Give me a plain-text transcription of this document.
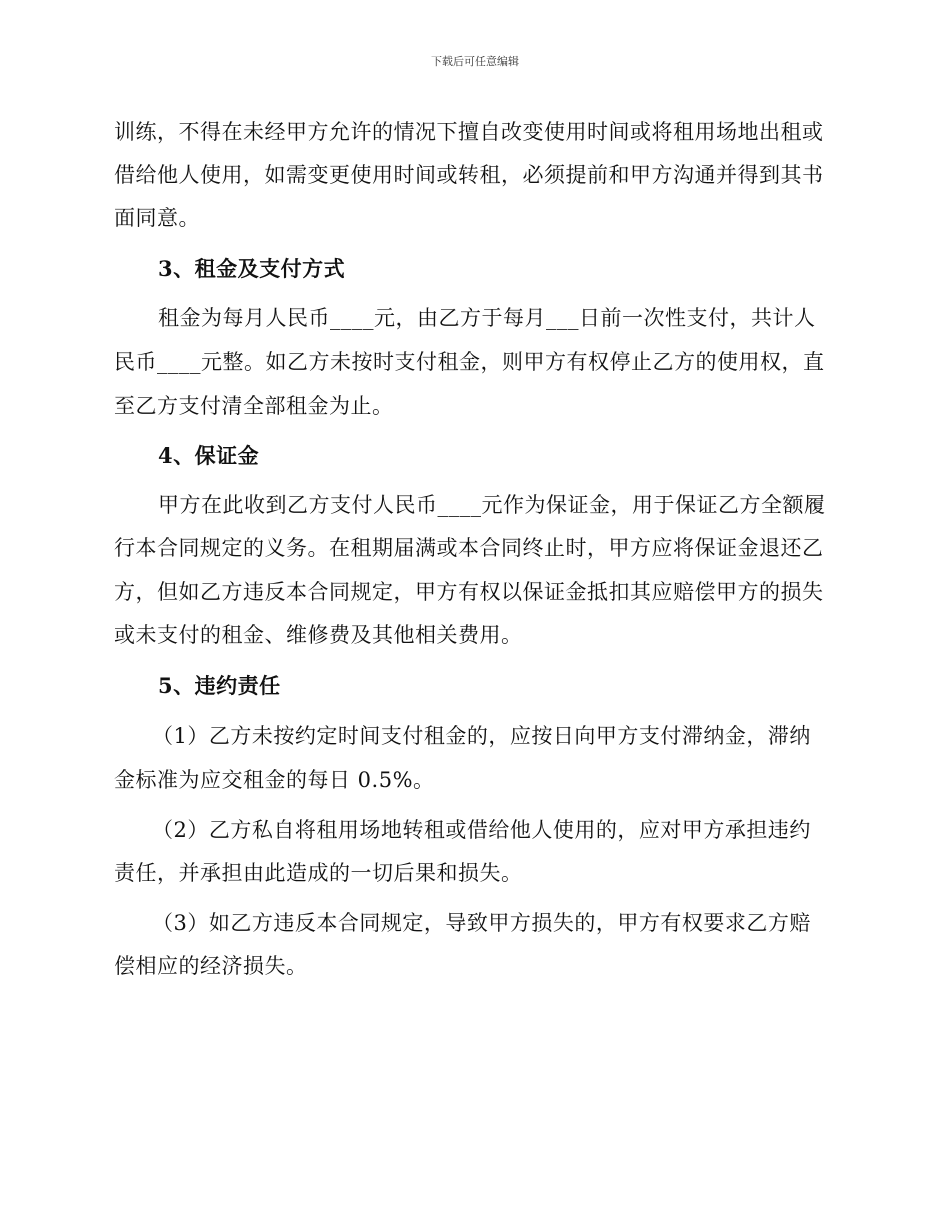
下载后可任意编辑
训练，不得在未经甲方允许的情况下擅自改变使用时间或将租用场地出租或
借给他人使用，如需变更使用时间或转租，必须提前和甲方沟通并得到其书
面同意。
3、租金及支付方式
租金为每月人民币____元，由乙方于每月___日前一次性支付，共计人
民币____元整。如乙方未按时支付租金，则甲方有权停止乙方的使用权，直
至乙方支付清全部租金为止。
4、保证金
甲方在此收到乙方支付人民币____元作为保证金，用于保证乙方全额履
行本合同规定的义务。在租期届满或本合同终止时，甲方应将保证金退还乙
方，但如乙方违反本合同规定，甲方有权以保证金抵扣其应赔偿甲方的损失
或未支付的租金、维修费及其他相关费用。
5、违约责任
（1）乙方未按约定时间支付租金的，应按日向甲方支付滞纳金，滞纳
金标准为应交租金的每日 0.5%。
（2）乙方私自将租用场地转租或借给他人使用的，应对甲方承担违约
责任，并承担由此造成的一切后果和损失。
（3）如乙方违反本合同规定，导致甲方损失的，甲方有权要求乙方赔
偿相应的经济损失。
